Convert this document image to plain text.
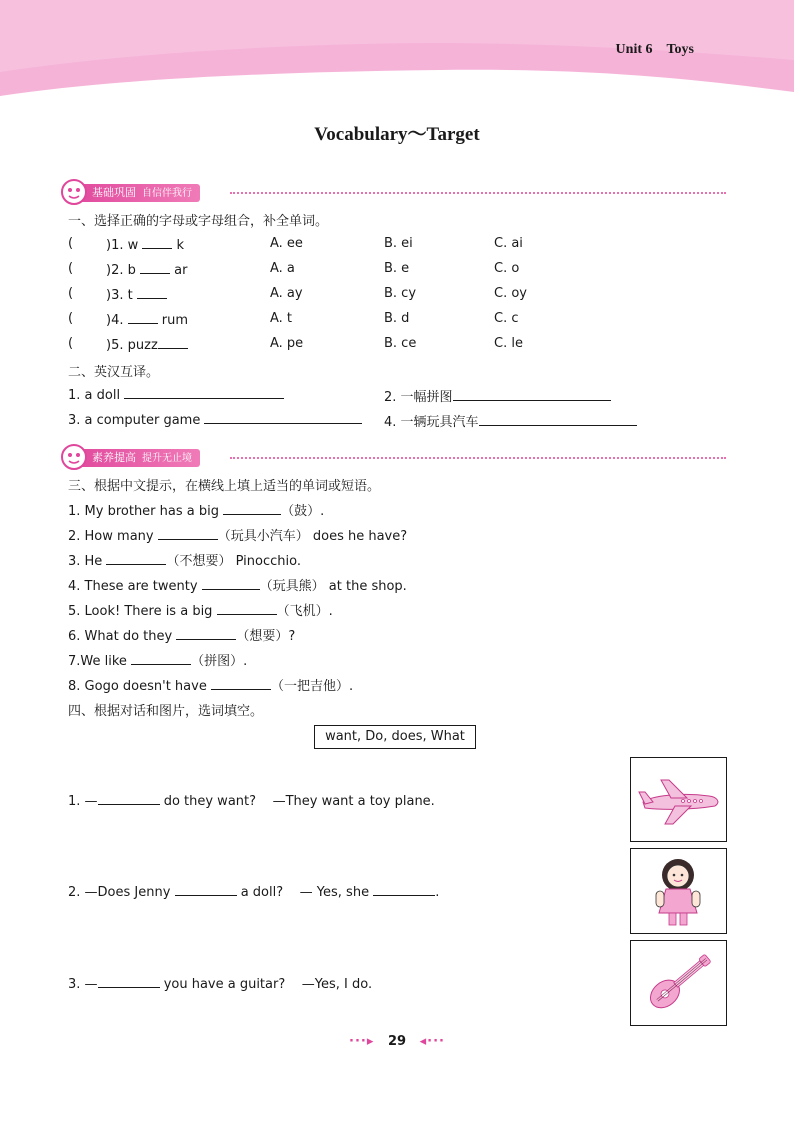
Unit 6　Toys
Vocabulary～Target
基础巩固 自信伴我行
一、选择正确的字母或字母组合，补全单词。
(	)1. w	k	A. ee	B. ei	C. ai
(	)2. b	ar	A. a	B. e	C. o
(	)3. t	A. ay	B. cy	C. oy
(	)4.	rum	A. t	B. d	C. c
(	)5. puzz	A. pe	B. ce	C. le
二、英汉互译。
1. a doll	2. 一幅拼图
3. a computer game	4. 一辆玩具汽车
素养提高 提升无止境
三、根据中文提示，在横线上填上适当的单词或短语。
1. My brother has a big	（鼓）.
2. How many	（玩具小汽车） does he have?
3. He	（不想要） Pinocchio.
4. These are twenty	（玩具熊） at the shop.
5. Look! There is a big	（飞机）.
6. What do they	（想要）?
7.We like	（拼图）.
8. Gogo doesn't have	（一把吉他）.
四、根据对话和图片，选词填空。
want, Do, does, What
1. —	do they want? —They want a toy plane.
2. —Does Jenny	a doll? — Yes, she	.
3. —	you have a guitar? —Yes, I do.
···▸ 29 ◂···
